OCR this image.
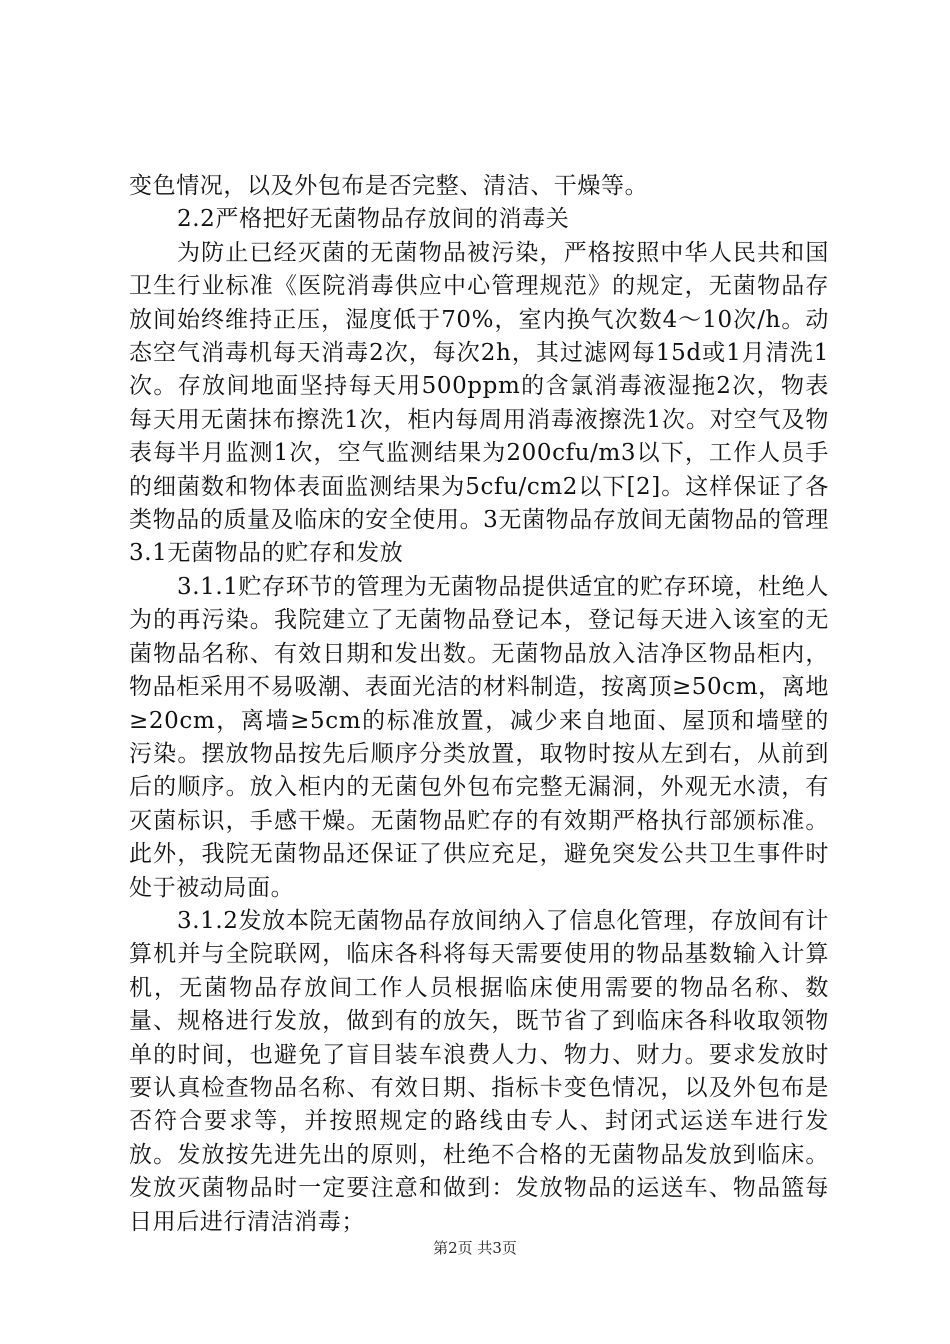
变色情况，以及外包布是否完整、清洁、干燥等。

2.2严格把好无菌物品存放间的消毒关

为防止已经灭菌的无菌物品被污染，严格按照中华人民共和国卫生行业标准《医院消毒供应中心管理规范》的规定，无菌物品存放间始终维持正压，湿度低于70%，室内换气次数4～10次/h。动态空气消毒机每天消毒2次，每次2h，其过滤网每15d或1月清洗1次。存放间地面坚持每天用500ppm的含氯消毒液湿拖2次，物表每天用无菌抹布擦洗1次，柜内每周用消毒液擦洗1次。对空气及物表每半月监测1次，空气监测结果为200cfu/m3以下，工作人员手的细菌数和物体表面监测结果为5cfu/cm2以下[2]。这样保证了各类物品的质量及临床的安全使用。3无菌物品存放间无菌物品的管理3.1无菌物品的贮存和发放

3.1.1贮存环节的管理为无菌物品提供适宜的贮存环境，杜绝人为的再污染。我院建立了无菌物品登记本，登记每天进入该室的无菌物品名称、有效日期和发出数。无菌物品放入洁净区物品柜内，物品柜采用不易吸潮、表面光洁的材料制造，按离顶≥50cm，离地≥20cm，离墙≥5cm的标准放置，减少来自地面、屋顶和墙壁的污染。摆放物品按先后顺序分类放置，取物时按从左到右，从前到后的顺序。放入柜内的无菌包外包布完整无漏洞，外观无水渍，有灭菌标识，手感干燥。无菌物品贮存的有效期严格执行部颁标准。此外，我院无菌物品还保证了供应充足，避免突发公共卫生事件时处于被动局面。

3.1.2发放本院无菌物品存放间纳入了信息化管理，存放间有计算机并与全院联网，临床各科将每天需要使用的物品基数输入计算机，无菌物品存放间工作人员根据临床使用需要的物品名称、数量、规格进行发放，做到有的放矢，既节省了到临床各科收取领物单的时间，也避免了盲目装车浪费人力、物力、财力。要求发放时要认真检查物品名称、有效日期、指标卡变色情况，以及外包布是否符合要求等，并按照规定的路线由专人、封闭式运送车进行发放。发放按先进先出的原则，杜绝不合格的无菌物品发放到临床。发放灭菌物品时一定要注意和做到：发放物品的运送车、物品篮每日用后进行清洁消毒；

第2页 共3页
